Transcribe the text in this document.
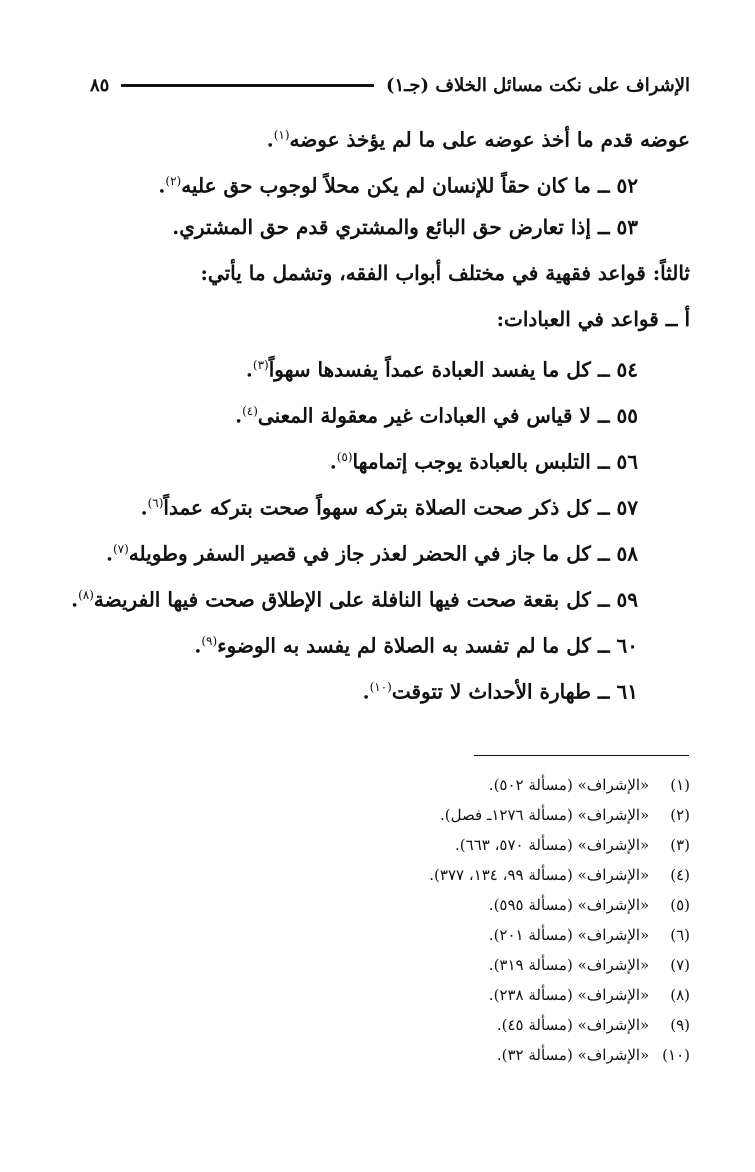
الإشراف على نكت مسائل الخلاف (جـ١)
٨٥
عوضه قدم ما أخذ عوضه على ما لم يؤخذ عوضه$^{(١)}$.
٥٢ ــ ما كان حقاً للإنسان لم يكن محلاً لوجوب حق عليه$^{(٢)}$.
٥٣ ــ إذا تعارض حق البائع والمشتري قدم حق المشتري.
ثالثاً: قواعد فقهية في مختلف أبواب الفقه، وتشمل ما يأتي:
أ ــ قواعد في العبادات:
٥٤ ــ كل ما يفسد العبادة عمداً يفسدها سهواً$^{(٣)}$.
٥٥ ــ لا قياس في العبادات غير معقولة المعنى$^{(٤)}$.
٥٦ ــ التلبس بالعبادة يوجب إتمامها$^{(٥)}$.
٥٧ ــ كل ذكر صحت الصلاة بتركه سهواً صحت بتركه عمداً$^{(٦)}$.
٥٨ ــ كل ما جاز في الحضر لعذر جاز في قصير السفر وطويله$^{(٧)}$.
٥٩ ــ كل بقعة صحت فيها النافلة على الإطلاق صحت فيها الفريضة$^{(٨)}$.
٦٠ ــ كل ما لم تفسد به الصلاة لم يفسد به الوضوء$^{(٩)}$.
٦١ ــ طهارة الأحداث لا تتوقت$^{(١٠)}$.
(١) «الإشراف» (مسألة ٥٠٢).
(٢) «الإشراف» (مسألة ١٢٧٦ـ فصل).
(٣) «الإشراف» (مسألة ٥٧٠، ٦٦٣).
(٤) «الإشراف» (مسألة ٩٩، ١٣٤، ٣٧٧).
(٥) «الإشراف» (مسألة ٥٩٥).
(٦) «الإشراف» (مسألة ٢٠١).
(٧) «الإشراف» (مسألة ٣١٩).
(٨) «الإشراف» (مسألة ٢٣٨).
(٩) «الإشراف» (مسألة ٤٥).
(١٠) «الإشراف» (مسألة ٣٢).
